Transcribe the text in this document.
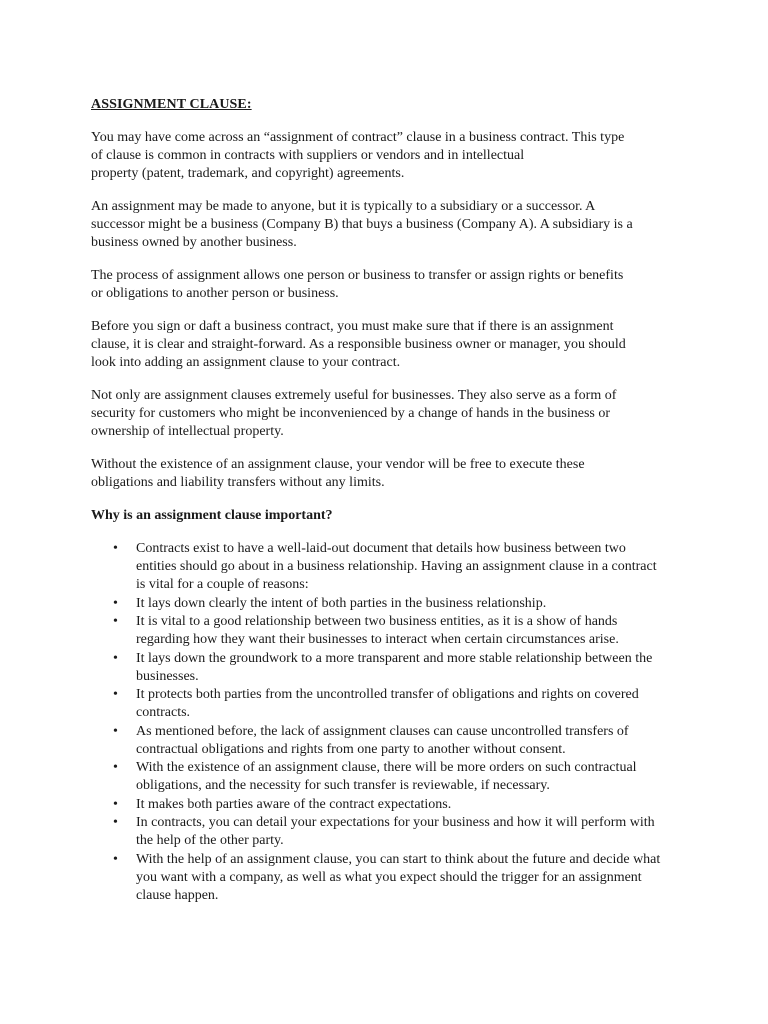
ASSIGNMENT CLAUSE:

You may have come across an “assignment of contract” clause in a business contract. This type
of clause is common in contracts with suppliers or vendors and in intellectual
property (patent, trademark, and copyright) agreements.

An assignment may be made to anyone, but it is typically to a subsidiary or a successor. A
successor might be a business (Company B) that buys a business (Company A). A subsidiary is a
business owned by another business.

The process of assignment allows one person or business to transfer or assign rights or benefits
or obligations to another person or business.

Before you sign or daft a business contract, you must make sure that if there is an assignment
clause, it is clear and straight-forward. As a responsible business owner or manager, you should
look into adding an assignment clause to your contract.

Not only are assignment clauses extremely useful for businesses. They also serve as a form of
security for customers who might be inconvenienced by a change of hands in the business or
ownership of intellectual property.

Without the existence of an assignment clause, your vendor will be free to execute these
obligations and liability transfers without any limits.

Why is an assignment clause important?
• Contracts exist to have a well-laid-out document that details how business between two entities should go about in a business relationship. Having an assignment clause in a contract is vital for a couple of reasons:
• It lays down clearly the intent of both parties in the business relationship.
• It is vital to a good relationship between two business entities, as it is a show of hands regarding how they want their businesses to interact when certain circumstances arise.
• It lays down the groundwork to a more transparent and more stable relationship between the businesses.
• It protects both parties from the uncontrolled transfer of obligations and rights on covered contracts.
• As mentioned before, the lack of assignment clauses can cause uncontrolled transfers of contractual obligations and rights from one party to another without consent.
• With the existence of an assignment clause, there will be more orders on such contractual obligations, and the necessity for such transfer is reviewable, if necessary.
• It makes both parties aware of the contract expectations.
• In contracts, you can detail your expectations for your business and how it will perform with the help of the other party.
• With the help of an assignment clause, you can start to think about the future and decide what you want with a company, as well as what you expect should the trigger for an assignment clause happen.
